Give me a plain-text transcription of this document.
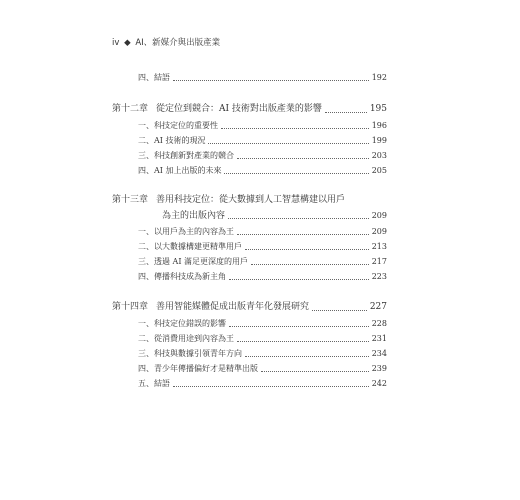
iv ◆ AI、新媒介與出版產業
四、結語	192
第十二章 從定位到競合：AI 技術對出版產業的影響	195
一、科技定位的重要性	196
二、AI 技術的現況	199
三、科技創新對產業的競合	203
四、AI 加上出版的未來	205
第十三章 善用科技定位：從大數據到人工智慧構建以用戶
為主的出版內容	209
一、以用戶為主的內容為王	209
二、以大數據構建更精準用戶	213
三、透過 AI 滿足更深度的用戶	217
四、傳播科技成為新主角	223
第十四章 善用智能媒體促成出版青年化發展研究	227
一、科技定位錯誤的影響	228
二、從消費用途到內容為王	231
三、科技與數據引領青年方向	234
四、青少年傳播偏好才是精準出版	239
五、結語	242
